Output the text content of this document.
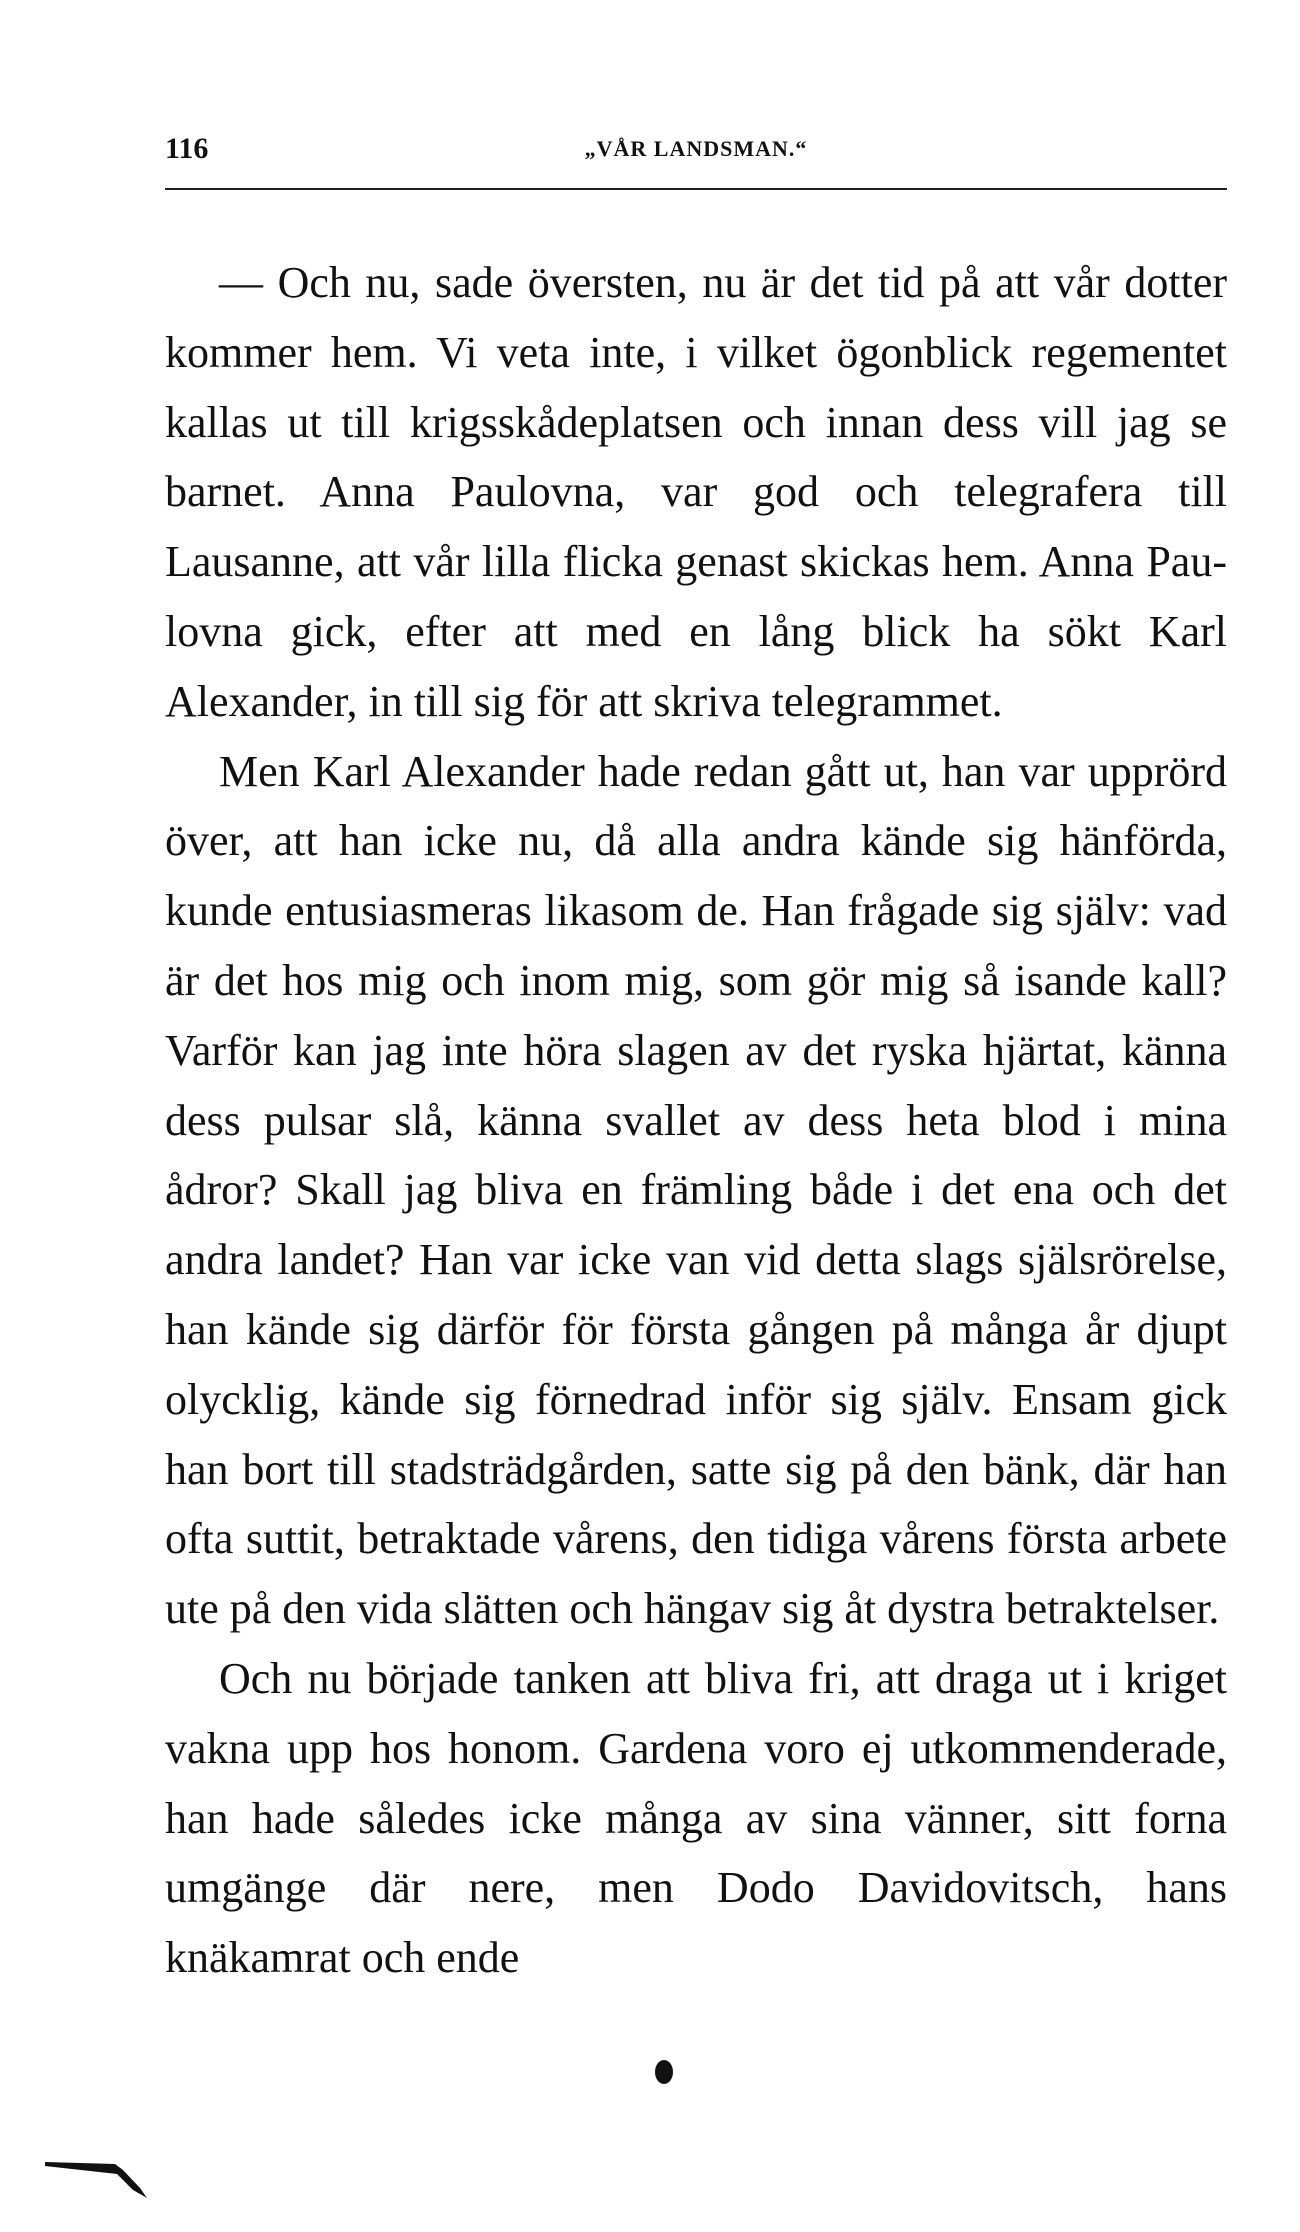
116	„VÅR LANDSMAN.“

— Och nu, sade översten, nu är det tid på att vår dotter kommer hem. Vi veta inte, i vilket ögonblick regementet kallas ut till krigsskådeplatsen och innan dess vill jag se barnet. Anna Paulovna, var god och telegrafera till Lausanne, att vår lilla flicka genast skickas hem. Anna Paulovna gick, efter att med en lång blick ha sökt Karl Alexander, in till sig för att skriva telegrammet.

Men Karl Alexander hade redan gått ut, han var upprörd över, att han icke nu, då alla andra kände sig hänförda, kunde entusiasmeras likasom de. Han frågade sig själv: vad är det hos mig och inom mig, som gör mig så isande kall? Varför kan jag inte höra slagen av det ryska hjärtat, känna dess pulsar slå, känna svallet av dess heta blod i mina ådror? Skall jag bliva en främling både i det ena och det andra landet? Han var icke van vid detta slags själsrörelse, han kände sig därför för första gången på många år djupt olycklig, kände sig förnedrad inför sig själv. Ensam gick han bort till stadsträdgården, satte sig på den bänk, där han ofta suttit, betraktade vårens, den tidiga vårens första arbete ute på den vida slätten och hängav sig åt dystra betraktelser.

Och nu började tanken att bliva fri, att draga ut i kriget vakna upp hos honom. Gardena voro ej utkommenderade, han hade således icke många av sina vänner, sitt forna umgänge där nere, men Dodo Davidovitsch, hans knäkamrat och ende
